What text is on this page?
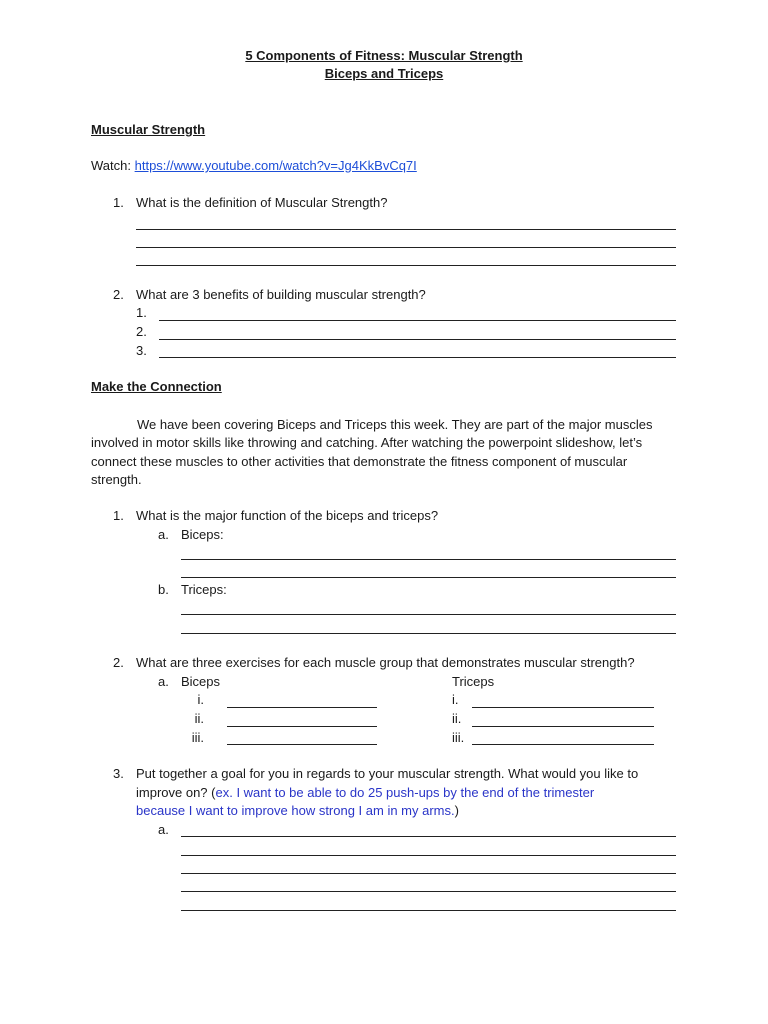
5 Components of Fitness: Muscular Strength
Biceps and Triceps
Muscular Strength
Watch: https://www.youtube.com/watch?v=Jg4KkBvCq7I
1. What is the definition of Muscular Strength?
2. What are 3 benefits of building muscular strength?
1.
2.
3.
Make the Connection
We have been covering Biceps and Triceps this week. They are part of the major muscles involved in motor skills like throwing and catching. After watching the powerpoint slideshow, let’s connect these muscles to other activities that demonstrate the fitness component of muscular strength.
1. What is the major function of the biceps and triceps?
a. Biceps:
b. Triceps:
2. What are three exercises for each muscle group that demonstrates muscular strength?
a. Biceps	Triceps
i.
ii.
iii.
i.
ii.
iii.
3. Put together a goal for you in regards to your muscular strength. What would you like to
improve on? (ex. I want to be able to do 25 push-ups by the end of the trimester
because I want to improve how strong I am in my arms.)
a.
